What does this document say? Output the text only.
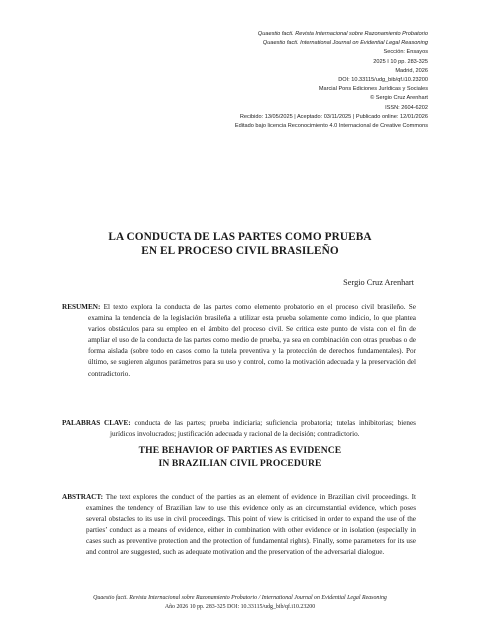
Quaestio facti. Revista Internacional sobre Razonamiento Probatorio
Quaestio facti. International Journal on Evidential Legal Reasoning
Sección: Ensayos
2025 I 10 pp. 283-325
Madrid, 2026
DOI: 10.33115/udg_bib/qf.i10.23200
Marcial Pons Ediciones Jurídicas y Sociales
© Sergio Cruz Arenhart
ISSN: 2604-6202
Recibido: 13/05/2025 | Aceptado: 03/11/2025 | Publicado online: 12/01/2026
Editado bajo licencia Reconocimiento 4.0 Internacional de Creative Commons
LA CONDUCTA DE LAS PARTES COMO PRUEBA
EN EL PROCESO CIVIL BRASILEÑO
Sergio Cruz Arenhart
RESUMEN: El texto explora la conducta de las partes como elemento probatorio en el proceso civil brasileño. Se examina la tendencia de la legislación brasileña a utilizar esta prueba solamente como indicio, lo que plantea varios obstáculos para su empleo en el ámbito del proceso civil. Se critica este punto de vista con el fin de ampliar el uso de la conducta de las partes como medio de prueba, ya sea en combinación con otras pruebas o de forma aislada (sobre todo en casos como la tutela preventiva y la protección de derechos fundamentales). Por último, se sugieren algunos parámetros para su uso y control, como la motivación adecuada y la preservación del contradictorio.
PALABRAS CLAVE: conducta de las partes; prueba indiciaria; suficiencia probatoria; tutelas inhibitorias; bienes jurídicos involucrados; justificación adecuada y racional de la decisión; contradictorio.
THE BEHAVIOR OF PARTIES AS EVIDENCE
IN BRAZILIAN CIVIL PROCEDURE
ABSTRACT: The text explores the conduct of the parties as an element of evidence in Brazilian civil proceedings. It examines the tendency of Brazilian law to use this evidence only as an circumstantial evidence, which poses several obstacles to its use in civil proceedings. This point of view is criticised in order to expand the use of the parties’ conduct as a means of evidence, either in combination with other evidence or in isolation (especially in cases such as preventive protection and the protection of fundamental rights). Finally, some parameters for its use and control are suggested, such as adequate motivation and the preservation of the adversarial dialogue.
Quaestio facti. Revista Internacional sobre Razonamiento Probatorio / International Journal on Evidential Legal Reasoning
Año 2026 10 pp. 283-325 DOI: 10.33115/udg_bib/qf.i10.23200
